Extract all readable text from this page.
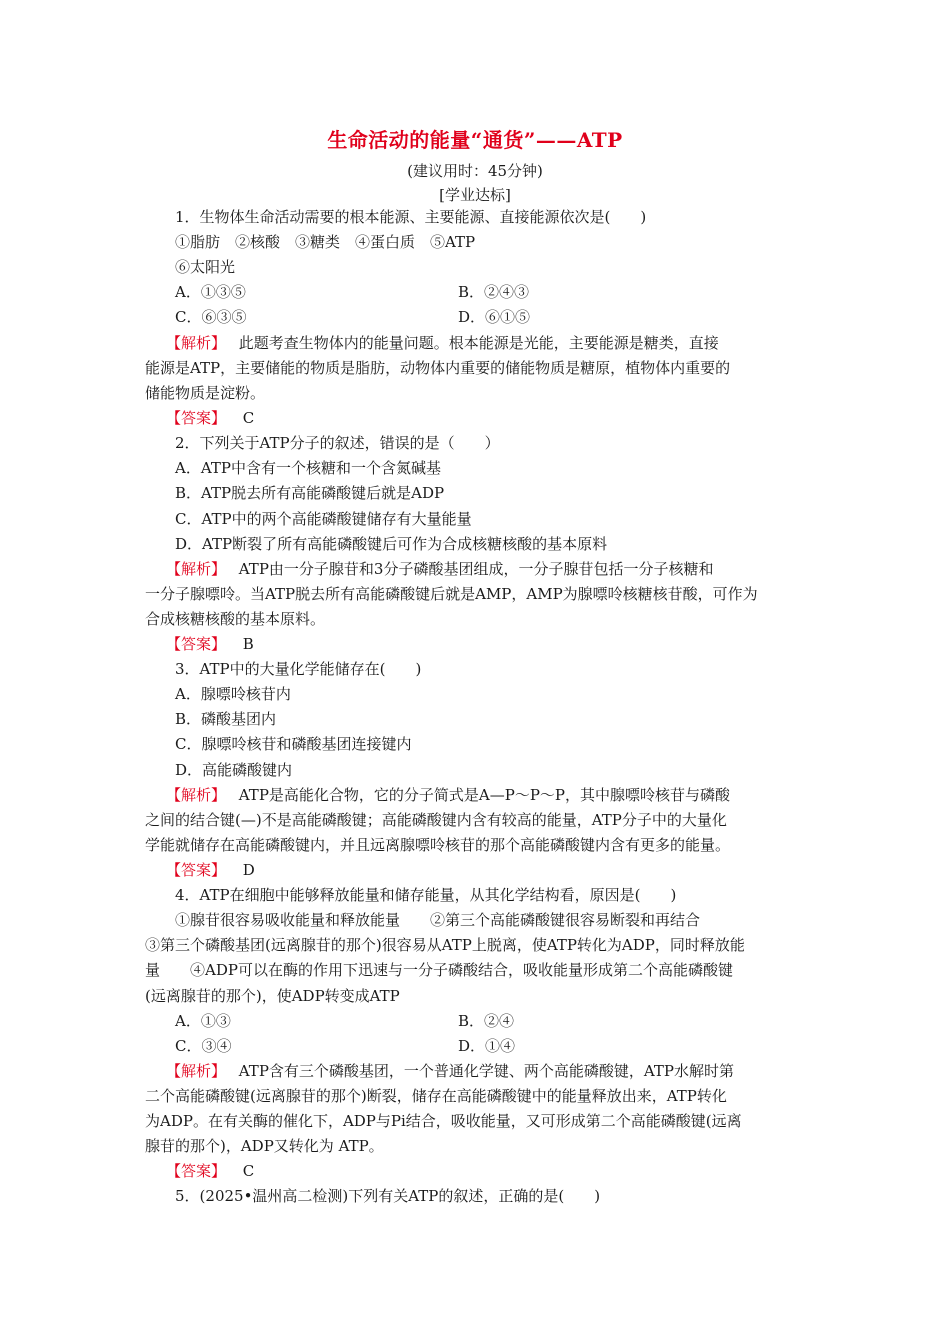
生命活动的能量“通货”——ATP
(建议用时：45分钟)
[学业达标]
1．生物体生命活动需要的根本能源、主要能源、直接能源依次是(　　)
①脂肪　②核酸　③糖类　④蛋白质　⑤ATP
⑥太阳光
A．①③⑤	B．②④③
C．⑥③⑤	D．⑥①⑤
【解析】 此题考查生物体内的能量问题。根本能源是光能，主要能源是糖类，直接
能源是ATP，主要储能的物质是脂肪，动物体内重要的储能物质是糖原，植物体内重要的
储能物质是淀粉。
【答案】 C
2．下列关于ATP分子的叙述，错误的是（　　）
A．ATP中含有一个核糖和一个含氮碱基
B．ATP脱去所有高能磷酸键后就是ADP
C．ATP中的两个高能磷酸键储存有大量能量
D．ATP断裂了所有高能磷酸键后可作为合成核糖核酸的基本原料
【解析】 ATP由一分子腺苷和3分子磷酸基团组成，一分子腺苷包括一分子核糖和
一分子腺嘌呤。当ATP脱去所有高能磷酸键后就是AMP，AMP为腺嘌呤核糖核苷酸，可作为
合成核糖核酸的基本原料。
【答案】 B
3．ATP中的大量化学能储存在(　　)
A．腺嘌呤核苷内
B．磷酸基团内
C．腺嘌呤核苷和磷酸基团连接键内
D．高能磷酸键内
【解析】 ATP是高能化合物，它的分子简式是A—P～P～P，其中腺嘌呤核苷与磷酸
之间的结合键(—)不是高能磷酸键；高能磷酸键内含有较高的能量，ATP分子中的大量化
学能就储存在高能磷酸键内，并且远离腺嘌呤核苷的那个高能磷酸键内含有更多的能量。
【答案】 D
4．ATP在细胞中能够释放能量和储存能量，从其化学结构看，原因是(　　)
①腺苷很容易吸收能量和释放能量　　②第三个高能磷酸键很容易断裂和再结合
③第三个磷酸基团(远离腺苷的那个)很容易从ATP上脱离，使ATP转化为ADP，同时释放能
量　　④ADP可以在酶的作用下迅速与一分子磷酸结合，吸收能量形成第二个高能磷酸键
(远离腺苷的那个)，使ADP转变成ATP
A．①③	B．②④
C．③④	D．①④
【解析】 ATP含有三个磷酸基团，一个普通化学键、两个高能磷酸键，ATP水解时第
二个高能磷酸键(远离腺苷的那个)断裂，储存在高能磷酸键中的能量释放出来，ATP转化
为ADP。在有关酶的催化下，ADP与Pi结合，吸收能量，又可形成第二个高能磷酸键(远离
腺苷的那个)，ADP又转化为 ATP。
【答案】 C
5．(2025•温州高二检测)下列有关ATP的叙述，正确的是(　　)
